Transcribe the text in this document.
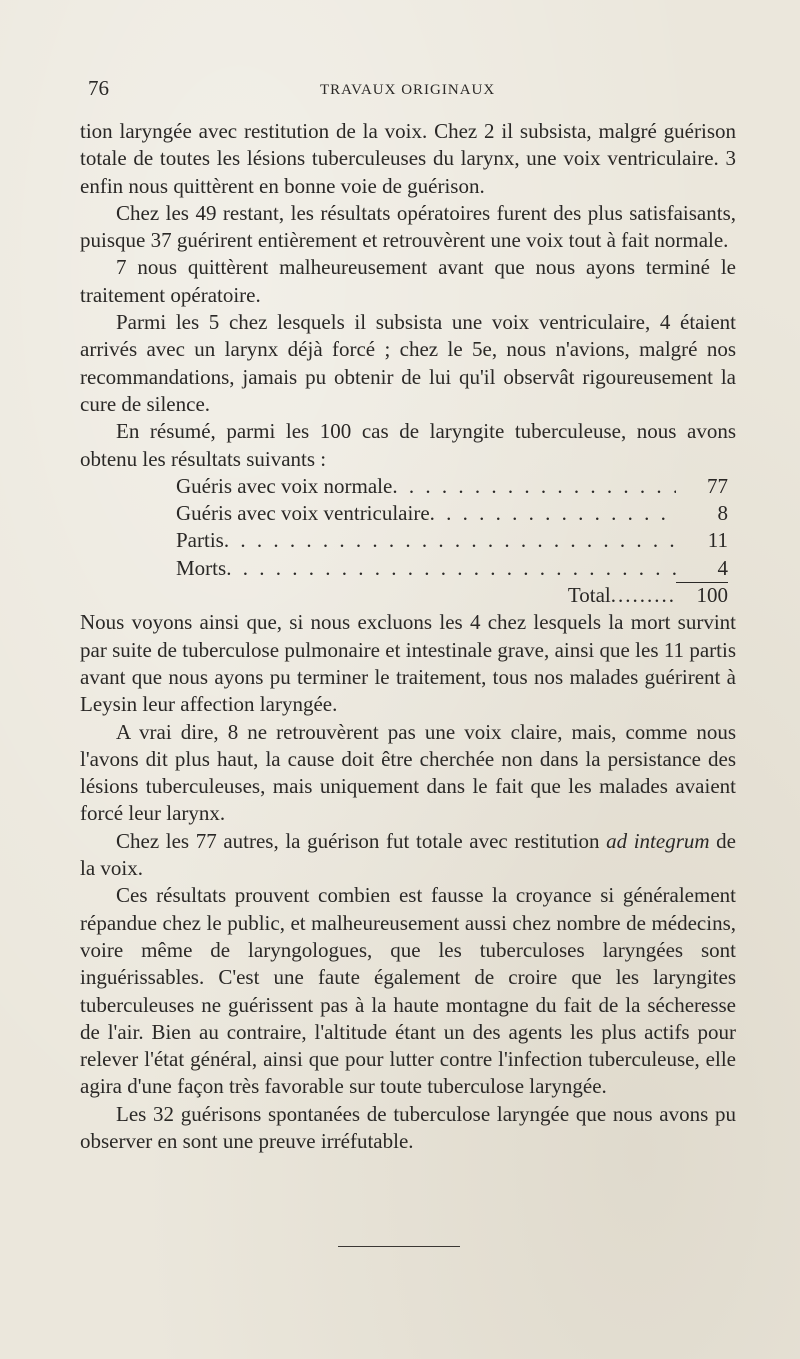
76	TRAVAUX ORIGINAUX

tion laryngée avec restitution de la voix. Chez 2 il subsista, malgré guérison totale de toutes les lésions tuberculeuses du larynx, une voix ventriculaire. 3 enfin nous quittèrent en bonne voie de guérison.

Chez les 49 restant, les résultats opératoires furent des plus satisfaisants, puisque 37 guérirent entièrement et retrouvèrent une voix tout à fait normale.

7 nous quittèrent malheureusement avant que nous ayons terminé le traitement opératoire.

Parmi les 5 chez lesquels il subsista une voix ventriculaire, 4 étaient arrivés avec un larynx déjà forcé ; chez le 5e, nous n'avions, malgré nos recommandations, jamais pu obtenir de lui qu'il observât rigoureusement la cure de silence.

En résumé, parmi les 100 cas de laryngite tuberculeuse, nous avons obtenu les résultats suivants :

Guéris avec voix normale . . .	77
Guéris avec voix ventriculaire . . .	8
Partis . . .	11
Morts . . .	4
Total ......... 100

Nous voyons ainsi que, si nous excluons les 4 chez lesquels la mort survint par suite de tuberculose pulmonaire et intestinale grave, ainsi que les 11 partis avant que nous ayons pu terminer le traitement, tous nos malades guérirent à Leysin leur affection laryngée.

A vrai dire, 8 ne retrouvèrent pas une voix claire, mais, comme nous l'avons dit plus haut, la cause doit être cherchée non dans la persistance des lésions tuberculeuses, mais uniquement dans le fait que les malades avaient forcé leur larynx.

Chez les 77 autres, la guérison fut totale avec restitution ad integrum de la voix.

Ces résultats prouvent combien est fausse la croyance si généralement répandue chez le public, et malheureusement aussi chez nombre de médecins, voire même de laryngologues, que les tuberculoses laryngées sont inguérissables. C'est une faute également de croire que les laryngites tuberculeuses ne guérissent pas à la haute montagne du fait de la sécheresse de l'air. Bien au contraire, l'altitude étant un des agents les plus actifs pour relever l'état général, ainsi que pour lutter contre l'infection tuberculeuse, elle agira d'une façon très favorable sur toute tuberculose laryngée.

Les 32 guérisons spontanées de tuberculose laryngée que nous avons pu observer en sont une preuve irréfutable.
